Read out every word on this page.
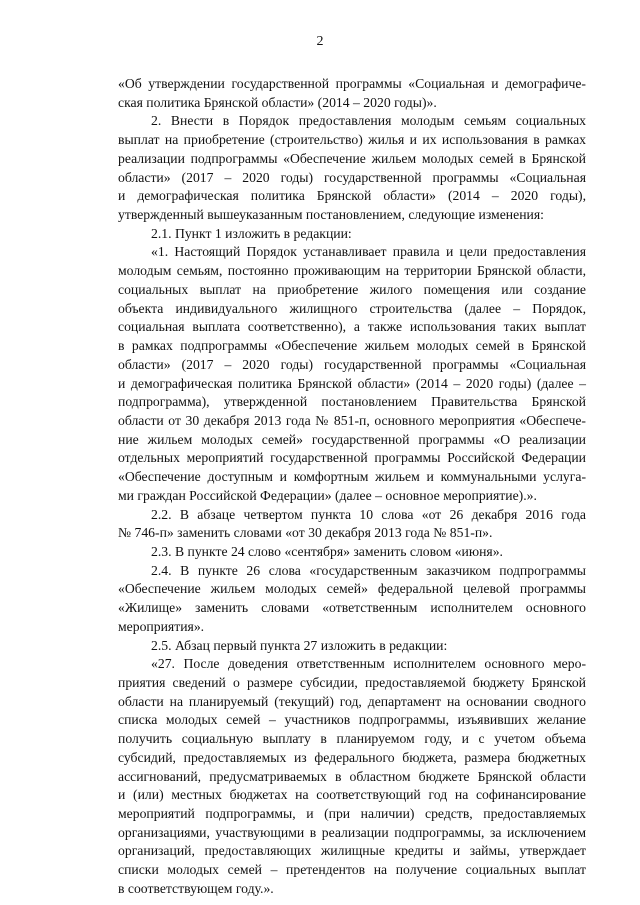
2

«Об утверждении государственной программы «Социальная и демографиче-

ская политика Брянской области» (2014 – 2020 годы)».

2. Внести в Порядок предоставления молодым семьям социальных

выплат на приобретение (строительство) жилья и их использования в рамках

реализации подпрограммы «Обеспечение жильем молодых семей в Брянской

области» (2017 – 2020 годы) государственной программы «Социальная

и демографическая политика Брянской области» (2014 – 2020 годы),

утвержденный вышеуказанным постановлением, следующие изменения:

2.1. Пункт 1 изложить в редакции:

«1. Настоящий Порядок устанавливает правила и цели предоставления

молодым семьям, постоянно проживающим на территории Брянской области,

социальных выплат на приобретение жилого помещения или создание

объекта индивидуального жилищного строительства (далее – Порядок,

социальная выплата соответственно), а также использования таких выплат

в рамках подпрограммы «Обеспечение жильем молодых семей в Брянской

области» (2017 – 2020 годы) государственной программы «Социальная

и демографическая политика Брянской области» (2014 – 2020 годы) (далее –

подпрограмма), утвержденной постановлением Правительства Брянской

области от 30 декабря 2013 года № 851-п, основного мероприятия «Обеспече-

ние жильем молодых семей» государственной программы «О реализации

отдельных мероприятий государственной программы Российской Федерации

«Обеспечение доступным и комфортным жильем и коммунальными услуга-

ми граждан Российской Федерации» (далее – основное мероприятие).».

2.2. В абзаце четвертом пункта 10 слова «от 26 декабря 2016 года

№ 746-п» заменить словами «от 30 декабря 2013 года № 851-п».

2.3. В пункте 24 слово «сентября» заменить словом «июня».

2.4. В пункте 26 слова «государственным заказчиком подпрограммы

«Обеспечение жильем молодых семей» федеральной целевой программы

«Жилище» заменить словами «ответственным исполнителем основного

мероприятия».

2.5. Абзац первый пункта 27 изложить в редакции:

«27. После доведения ответственным исполнителем основного меро-

приятия сведений о размере субсидии, предоставляемой бюджету Брянской

области на планируемый (текущий) год, департамент на основании сводного

списка молодых семей – участников подпрограммы, изъявивших желание

получить социальную выплату в планируемом году, и с учетом объема

субсидий, предоставляемых из федерального бюджета, размера бюджетных

ассигнований, предусматриваемых в областном бюджете Брянской области

и (или) местных бюджетах на соответствующий год на софинансирование

мероприятий подпрограммы, и (при наличии) средств, предоставляемых

организациями, участвующими в реализации подпрограммы, за исключением

организаций, предоставляющих жилищные кредиты и займы, утверждает

списки молодых семей – претендентов на получение социальных выплат

в соответствующем году.».
